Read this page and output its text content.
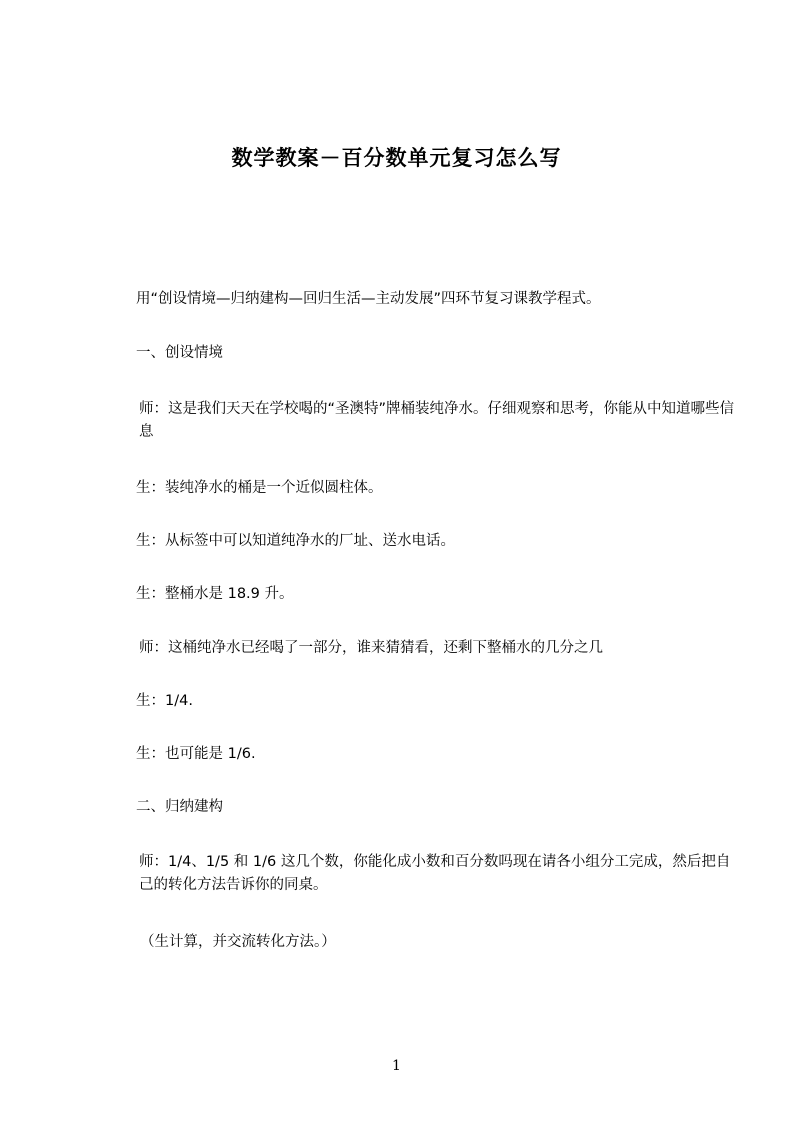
数学教案－百分数单元复习怎么写
用“创设情境—归纳建构—回归生活—主动发展”四环节复习课教学程式。
一、创设情境
师：这是我们天天在学校喝的“圣澳特”牌桶装纯净水。仔细观察和思考，你能从中知道哪些信息
生：装纯净水的桶是一个近似圆柱体。
生：从标签中可以知道纯净水的厂址、送水电话。
生：整桶水是 18.9 升。
师：这桶纯净水已经喝了一部分，谁来猜猜看，还剩下整桶水的几分之几
生：1/4.
生：也可能是 1/6.
二、归纳建构
师：1/4、1/5 和 1/6 这几个数，你能化成小数和百分数吗现在请各小组分工完成，然后把自己的转化方法告诉你的同桌。
（生计算，并交流转化方法。）
1
